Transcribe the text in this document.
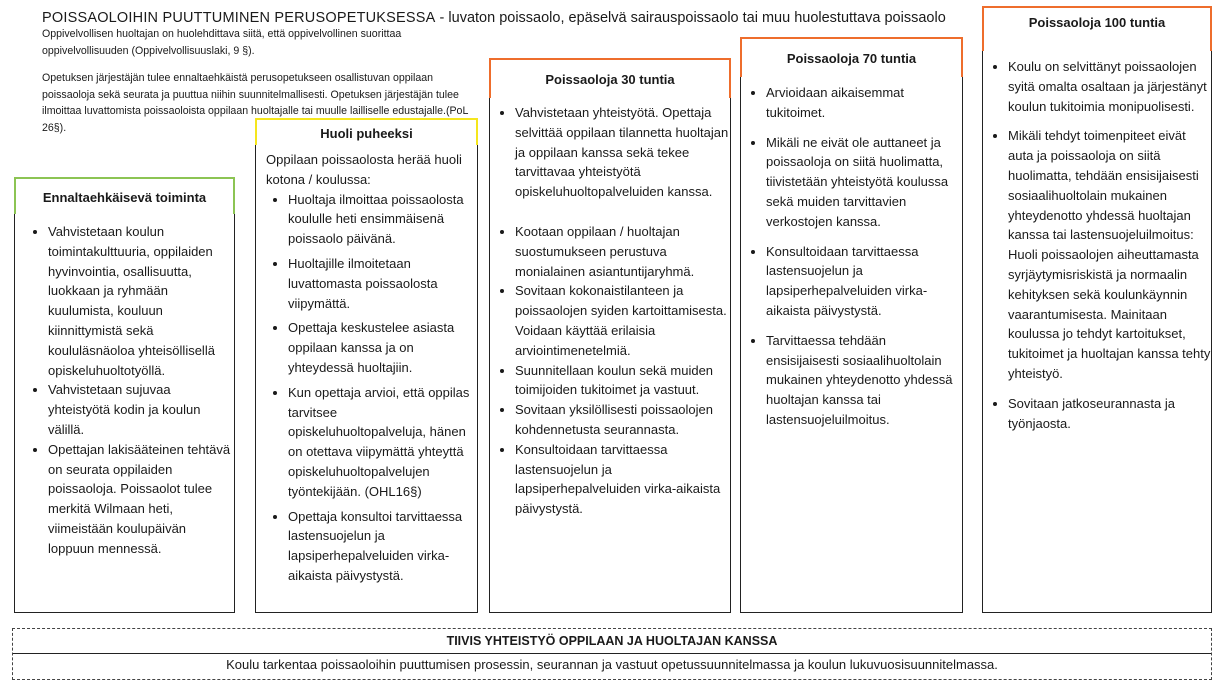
POISSAOLOIHIN PUUTTUMINEN PERUSOPETUKSESSA - luvaton poissaolo, epäselvä sairauspoissaolo tai muu huolestuttava poissaolo
Oppivelvollisen huoltajan on huolehdittava siitä, että oppivelvollinen suorittaa oppivelvollisuuden (Oppivelvollisuuslaki, 9 §).
Opetuksen järjestäjän tulee ennaltaehkäistä perusopetukseen osallistuvan oppilaan poissaoloja sekä seurata ja puuttua niihin suunnitelmallisesti. Opetuksen järjestäjän tulee ilmoittaa luvattomista poissaoloista oppilaan huoltajalle tai muulle lailliselle edustajalle.(PoL 26§).
Ennaltaehkäisevä toiminta
• Vahvistetaan koulun toimintakulttuuria, oppilaiden hyvinvointia, osallisuutta, luokkaan ja ryhmään kuulumista, kouluun kiinnittymistä sekä koululäsnäoloa yhteisöllisellä opiskeluhuoltotyöllä.
• Vahvistetaan sujuvaa yhteistyötä kodin ja koulun välillä.
• Opettajan lakisääteinen tehtävä on seurata oppilaiden poissaoloja. Poissaolot tulee merkitä Wilmaan heti, viimeistään koulupäivän loppuun mennessä.
Huoli puheeksi
Oppilaan poissaolosta herää huoli kotona / koulussa:
• Huoltaja ilmoittaa poissaolosta koululle heti ensimmäisenä poissaolo päivänä.
• Huoltajille ilmoitetaan luvattomasta poissaolosta viipymättä.
• Opettaja keskustelee asiasta oppilaan kanssa ja on yhteydessä huoltajiin.
• Kun opettaja arvioi, että oppilas tarvitsee opiskeluhuoltopalveluja, hänen on otettava viipymättä yhteyttä opiskeluhuoltopalvelujen työntekijään. (OHL16§)
• Opettaja konsultoi tarvittaessa lastensuojelun ja lapsiperhepalveluiden virka-aikaista päivystystä.
Poissaoloja 30 tuntia
• Vahvistetaan yhteistyötä. Opettaja selvittää oppilaan tilannetta huoltajan ja oppilaan kanssa sekä tekee tarvittavaa yhteistyötä opiskeluhuoltopalveluiden kanssa.
• Kootaan oppilaan / huoltajan suostumukseen perustuva monialainen asiantuntijaryhmä.
• Sovitaan kokonaistilanteen ja poissaolojen syiden kartoittamisesta. Voidaan käyttää erilaisia arviointimenetelmiä.
• Suunnitellaan koulun sekä muiden toimijoiden tukitoimet ja vastuut.
• Sovitaan yksilöllisesti poissaolojen kohdennetusta seurannasta.
• Konsultoidaan tarvittaessa lastensuojelun ja lapsiperhepalveluiden virka-aikaista päivystystä.
Poissaoloja 70 tuntia
• Arvioidaan aikaisemmat tukitoimet.
• Mikäli ne eivät ole auttaneet ja poissaoloja on siitä huolimatta, tiivistetään yhteistyötä koulussa sekä muiden tarvittavien verkostojen kanssa.
• Konsultoidaan tarvittaessa lastensuojelun ja lapsiperhepalveluiden virka-aikaista päivystystä.
• Tarvittaessa tehdään ensisijaisesti sosiaalihuoltolain mukainen yhteydenotto yhdessä huoltajan kanssa tai lastensuojeluilmoitus.
Poissaoloja 100 tuntia
• Koulu on selvittänyt poissaolojen syitä omalta osaltaan ja järjestänyt koulun tukitoimia monipuolisesti.
• Mikäli tehdyt toimenpiteet eivät auta ja poissaoloja on siitä huolimatta, tehdään ensisijaisesti sosiaalihuoltolain mukainen yhteydenotto yhdessä huoltajan kanssa tai lastensuojeluilmoitus: Huoli poissaolojen aiheuttamasta syrjäytymisriskistä ja normaalin kehityksen sekä koulunkäynnin vaarantumisesta. Mainitaan koulussa jo tehdyt kartoitukset, tukitoimet ja huoltajan kanssa tehty yhteistyö.
• Sovitaan jatkoseurannasta ja työnjaosta.
TIIVIS YHTEISTYÖ OPPILAAN JA HUOLTAJAN KANSSA
Koulu tarkentaa poissaoloihin puuttumisen prosessin, seurannan ja vastuut opetussuunnitelmassa ja koulun lukuvuosisuunnitelmassa.
